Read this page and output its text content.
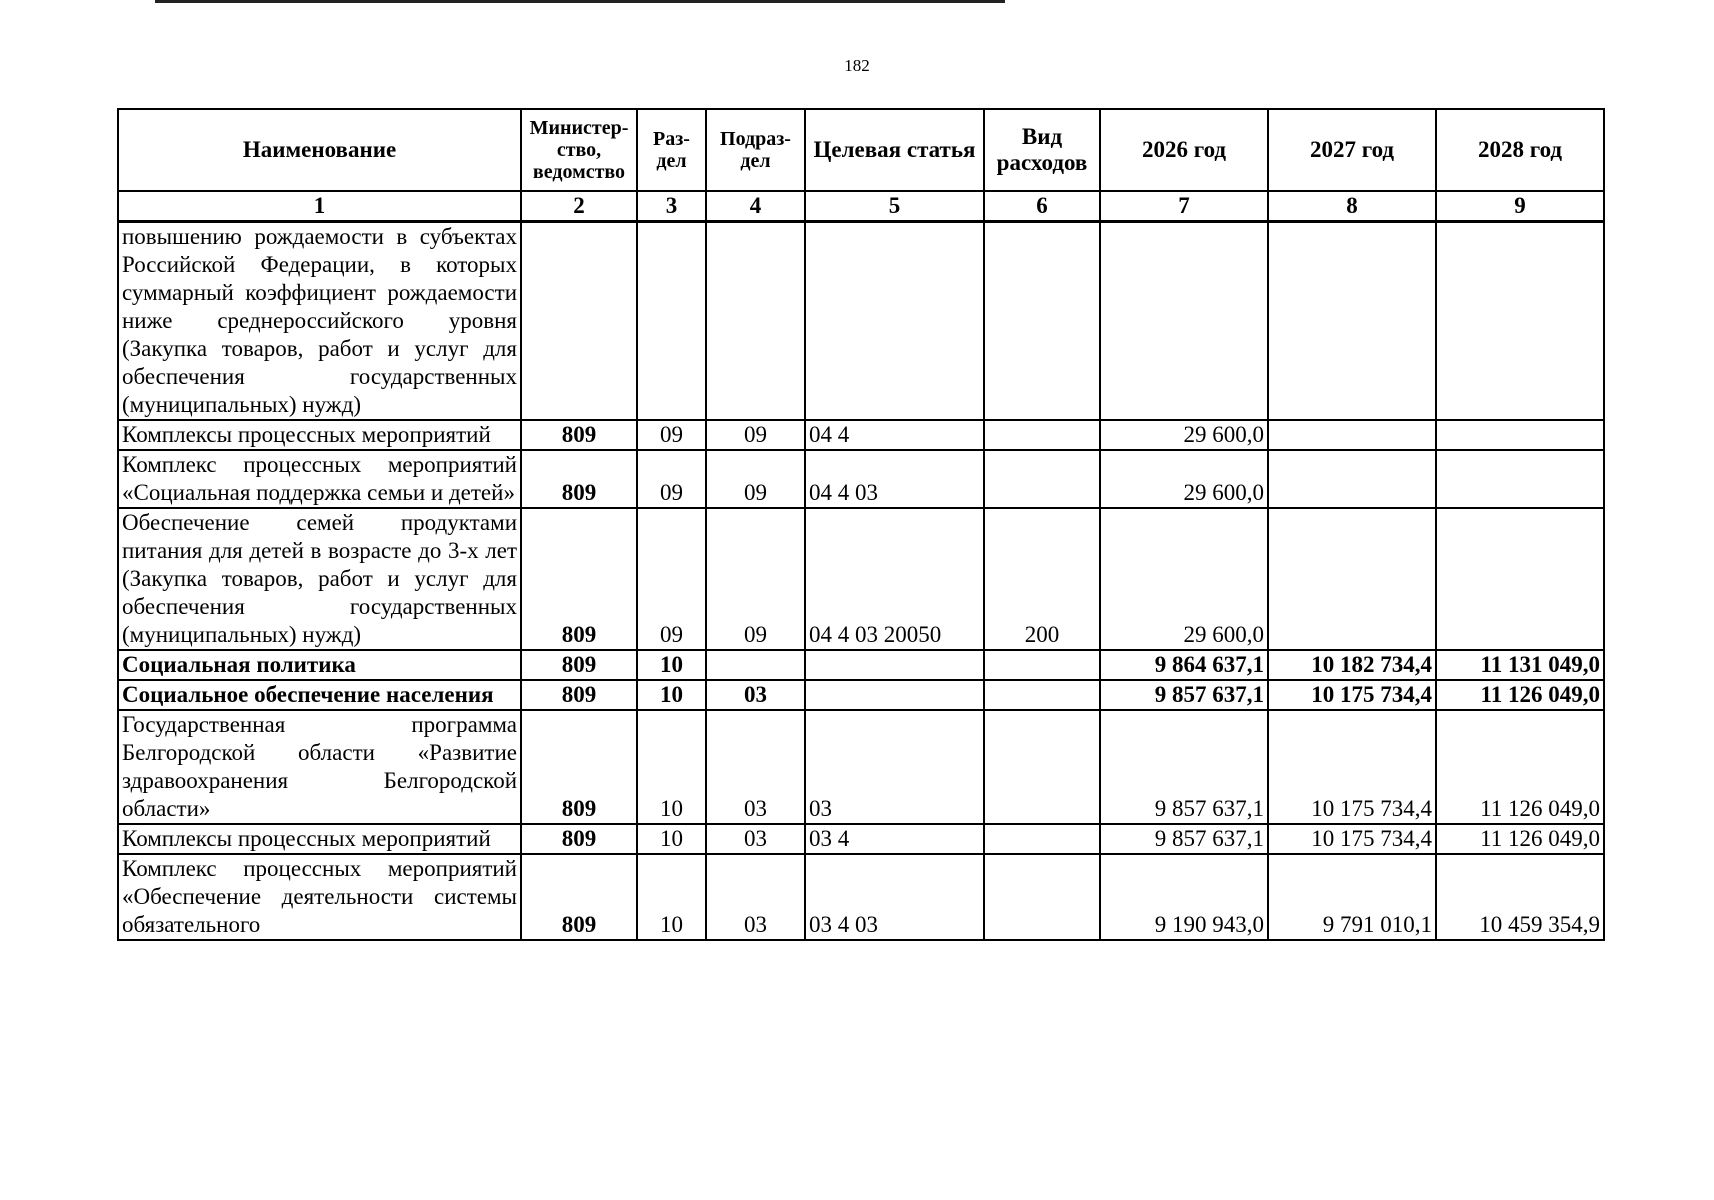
182
Наименование	Министер-ство, ведомство	Раз-дел	Подраз-дел	Целевая статья	Вид расходов	2026 год	2027 год	2028 год
1	2	3	4	5	6	7	8	9
повышению рождаемости в субъектах Российской Федерации, в которых суммарный коэффициент рождаемости ниже среднероссийского уровня (Закупка товаров, работ и услуг для обеспечения государственных (муниципальных) нужд)								
Комплексы процессных мероприятий	809	09	09	04 4		29 600,0		
Комплекс процессных мероприятий «Социальная поддержка семьи и детей»	809	09	09	04 4 03		29 600,0		
Обеспечение семей продуктами питания для детей в возрасте до 3-х лет (Закупка товаров, работ и услуг для обеспечения государственных (муниципальных) нужд)	809	09	09	04 4 03 20050	200	29 600,0		
Социальная политика	809	10				9 864 637,1	10 182 734,4	11 131 049,0
Социальное обеспечение населения	809	10	03			9 857 637,1	10 175 734,4	11 126 049,0
Государственная программа Белгородской области «Развитие здравоохранения Белгородской области»	809	10	03	03		9 857 637,1	10 175 734,4	11 126 049,0
Комплексы процессных мероприятий	809	10	03	03 4		9 857 637,1	10 175 734,4	11 126 049,0
Комплекс процессных мероприятий «Обеспечение деятельности системы обязательного	809	10	03	03 4 03		9 190 943,0	9 791 010,1	10 459 354,9
